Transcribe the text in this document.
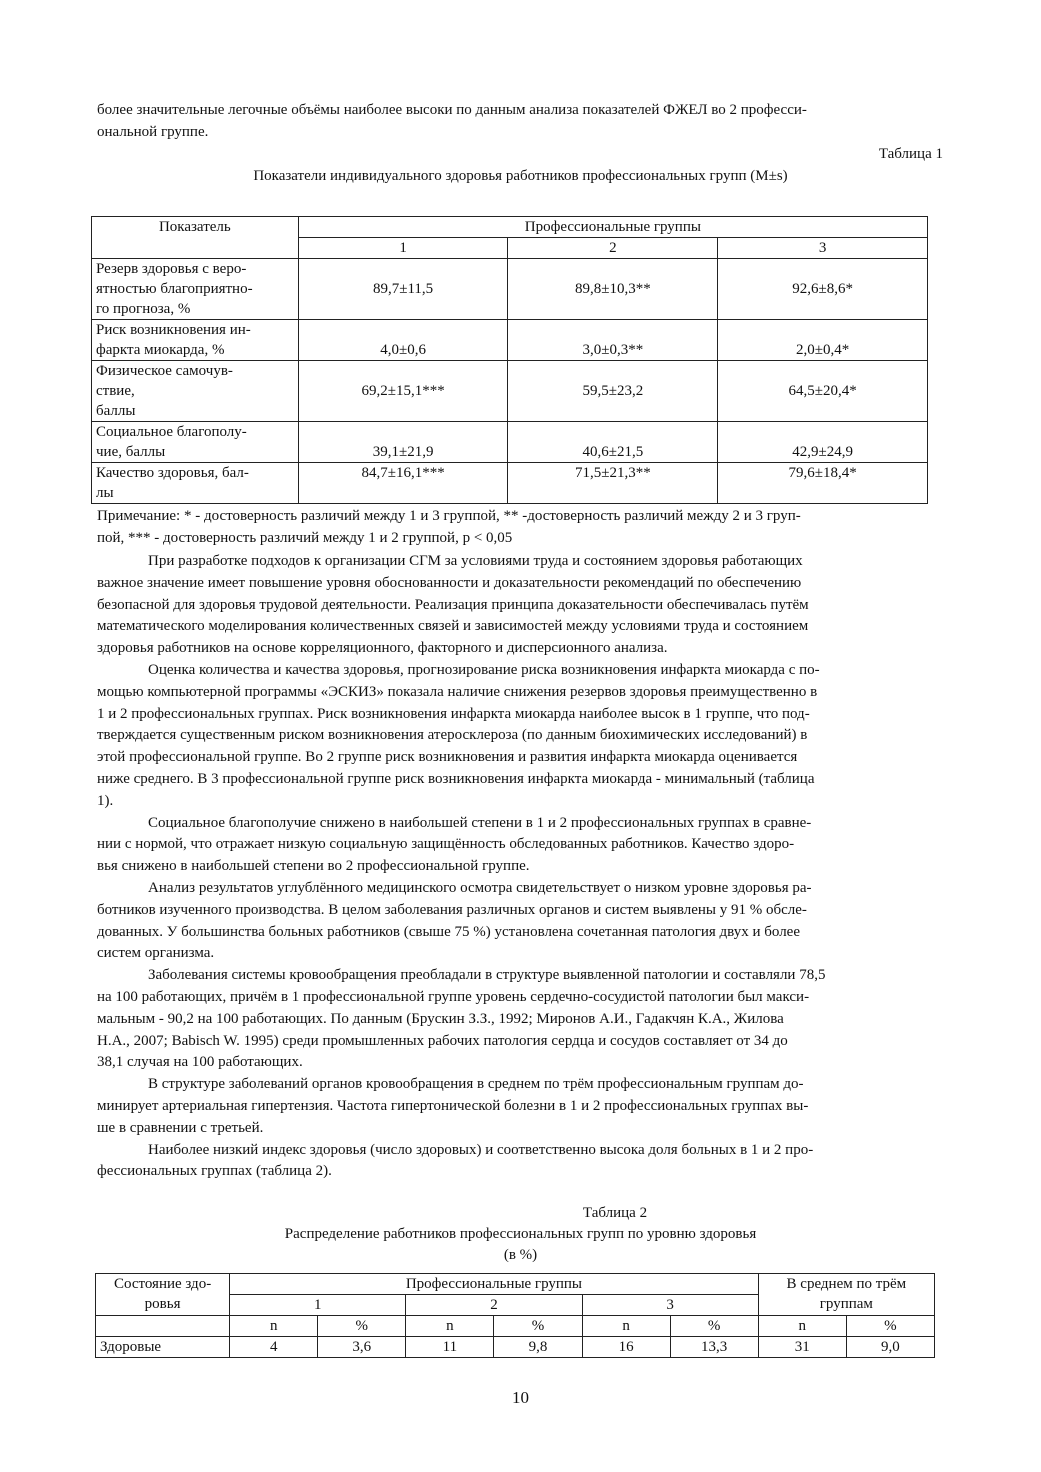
более значительные легочные объёмы наиболее высоки по данным анализа показателей ФЖЕЛ во 2 професси-

ональной группе.

Таблица 1
Показатели индивидуального здоровья работников профессиональных групп (M±s)
Показатель	Профессиональные группы		
	1	2	3
Резерв здоровья с веро-
ятностью благоприятно-
го прогноза, %	89,7±11,5	89,8±10,3**	92,6±8,6*
Риск возникновения ин-
фаркта миокарда, %	4,0±0,6	3,0±0,3**	2,0±0,4*
Физическое самочув-
ствие,
баллы	69,2±15,1***	59,5±23,2	64,5±20,4*
Социальное благополу-
чие, баллы	39,1±21,9	40,6±21,5	42,9±24,9
Качество здоровья, бал-
лы	84,7±16,1***	71,5±21,3**	79,6±18,4*

Примечание: * - достоверность различий между 1 и 3 группой, ** -достоверность различий между 2 и 3 груп-

пой, *** - достоверность различий между 1 и 2 группой, p < 0,05

При разработке подходов к организации СГМ за условиями труда и состоянием здоровья работающих

важное значение имеет повышение уровня обоснованности и доказательности рекомендаций по обеспечению

безопасной для здоровья трудовой деятельности. Реализация принципа доказательности обеспечивалась путём

математического моделирования количественных связей и зависимостей между условиями труда и состоянием

здоровья работников на основе корреляционного, факторного и дисперсионного анализа.

Оценка количества и качества здоровья, прогнозирование риска возникновения инфаркта миокарда с по-

мощью компьютерной программы «ЭСКИЗ» показала наличие снижения резервов здоровья преимущественно в

1 и 2 профессиональных группах. Риск возникновения инфаркта миокарда наиболее высок в 1 группе, что под-

тверждается существенным риском возникновения атеросклероза (по данным биохимических исследований) в

этой профессиональной группе. Во 2 группе риск возникновения и развития инфаркта миокарда оценивается

ниже среднего. В 3 профессиональной группе риск возникновения инфаркта миокарда - минимальный (таблица

1).

Социальное благополучие снижено в наибольшей степени в 1 и 2 профессиональных группах в сравне-

нии с нормой, что отражает низкую социальную защищённость обследованных работников. Качество здоро-

вья снижено в наибольшей степени во 2 профессиональной группе.

Анализ результатов углублённого медицинского осмотра свидетельствует о низком уровне здоровья ра-

ботников изученного производства. В целом заболевания различных органов и систем выявлены у 91 % обсле-

дованных. У большинства больных работников (свыше 75 %) установлена сочетанная патология двух и более

систем организма.

Заболевания системы кровообращения преобладали в структуре выявленной патологии и составляли 78,5

на 100 работающих, причём в 1 профессиональной группе уровень сердечно-сосудистой патологии был макси-

мальным - 90,2 на 100 работающих. По данным (Брускин З.З., 1992; Миронов А.И., Гадакчян К.А., Жилова

Н.А., 2007; Babisch W. 1995) среди промышленных рабочих патология сердца и сосудов составляет от 34 до

38,1 случая на 100 работающих.

В структуре заболеваний органов кровообращения в среднем по трём профессиональным группам до-

минирует артериальная гипертензия. Частота гипертонической болезни в 1 и 2 профессиональных группах вы-

ше в сравнении с третьей.

Наиболее низкий индекс здоровья (число здоровых) и соответственно высока доля больных в 1 и 2 про-

фессиональных группах (таблица 2).

Таблица 2
Распределение работников профессиональных групп по уровню здоровья
(в %)
Состояние здо-
ровья	Профессиональные группы						В среднем по трём
группам	
	1		2		3			
	n	%	n	%	n	%	n	%
Здоровые	4	3,6	11	9,8	16	13,3	31	9,0
10
